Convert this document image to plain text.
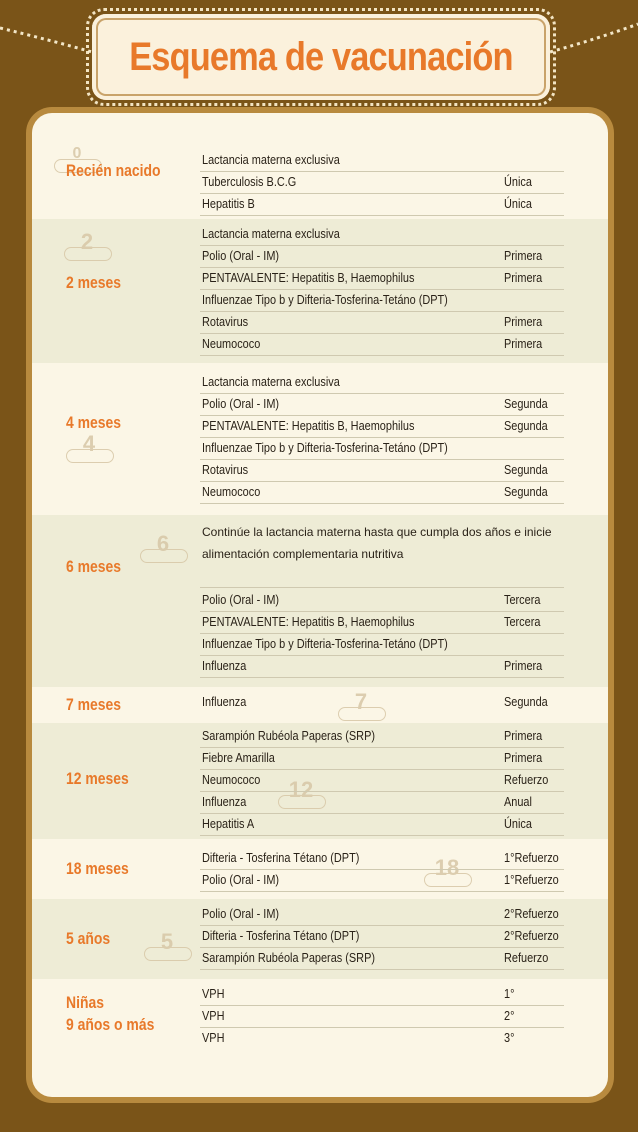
Esquema de vacunación
0
Recién nacido
Lactancia materna exclusiva
Tuberculosis B.C.G	Única
Hepatitis B	Única
2
2 meses
Lactancia materna exclusiva
Polio (Oral - IM)	Primera
PENTAVALENTE: Hepatitis B, Haemophilus	Primera
Influenzae Tipo b y Difteria-Tosferina-Tetáno (DPT)
Rotavirus	Primera
Neumococo	Primera
4
4 meses
Lactancia materna exclusiva
Polio (Oral - IM)	Segunda
PENTAVALENTE: Hepatitis B, Haemophilus	Segunda
Influenzae Tipo b y Difteria-Tosferina-Tetáno (DPT)
Rotavirus	Segunda
Neumococo	Segunda
6
6 meses
Continúe la lactancia materna hasta que cumpla dos años e inicie alimentación complementaria nutritiva
Polio (Oral - IM)	Tercera
PENTAVALENTE: Hepatitis B, Haemophilus	Tercera
Influenzae Tipo b y Difteria-Tosferina-Tetáno (DPT)
Influenza	Primera
7
7 meses	Influenza	Segunda
12
12 meses
Sarampión Rubéola Paperas (SRP)	Primera
Fiebre Amarilla	Primera
Neumococo	Refuerzo
Influenza	Anual
Hepatitis A	Única
18
18 meses
Difteria - Tosferina Tétano (DPT)	1°Refuerzo
Polio (Oral - IM)	1°Refuerzo
5
5 años
Polio (Oral - IM)	2°Refuerzo
Difteria - Tosferina Tétano (DPT)	2°Refuerzo
Sarampión Rubéola Paperas (SRP)	Refuerzo
Niñas
9 años o más
VPH	1°
VPH	2°
VPH	3°
